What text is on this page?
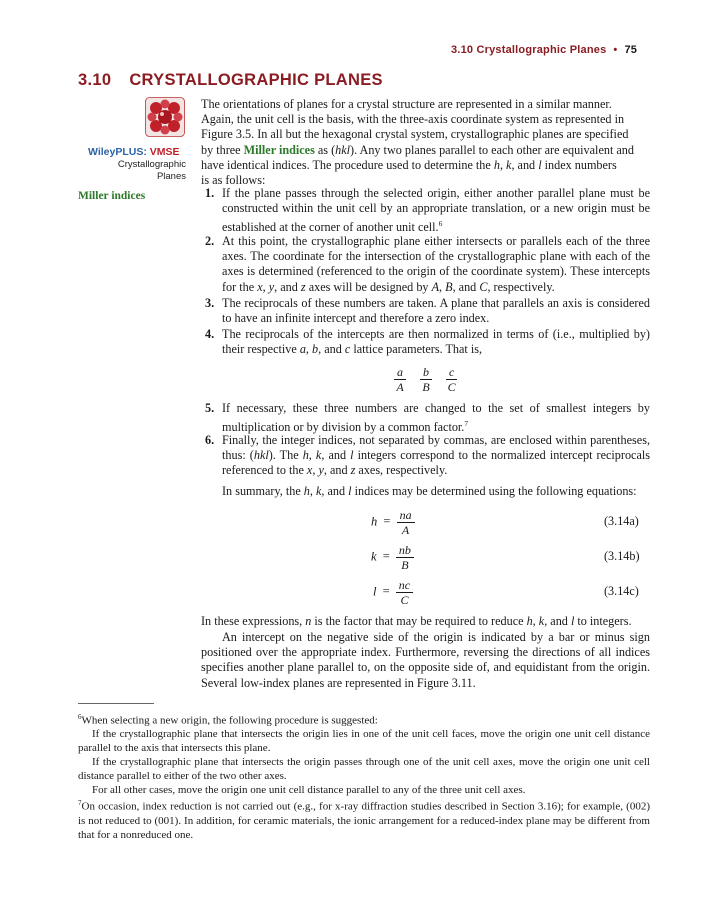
3.10 Crystallographic Planes • 75
3.10 CRYSTALLOGRAPHIC PLANES
WileyPLUS: VMSE
Crystallographic
Planes
Miller indices
The orientations of planes for a crystal structure are represented in a similar manner.
Again, the unit cell is the basis, with the three-axis coordinate system as represented in
Figure 3.5. In all but the hexagonal crystal system, crystallographic planes are specified
by three Miller indices as (hkl). Any two planes parallel to each other are equivalent and
have identical indices. The procedure used to determine the h, k, and l index numbers
is as follows:
1. If the plane passes through the selected origin, either another parallel plane must be constructed within the unit cell by an appropriate translation, or a new origin must be established at the corner of another unit cell.$^6$
2. At this point, the crystallographic plane either intersects or parallels each of the three axes. The coordinate for the intersection of the crystallographic plane with each of the axes is determined (referenced to the origin of the coordinate system). These intercepts for the x, y, and z axes will be designed by A, B, and C, respectively.
3. The reciprocals of these numbers are taken. A plane that parallels an axis is considered to have an infinite intercept and therefore a zero index.
4. The reciprocals of the intercepts are then normalized in terms of (i.e., multiplied by) their respective a, b, and c lattice parameters. That is,
$\frac{a}{A}$
$\frac{b}{B}$
$\frac{c}{C}$
5. If necessary, these three numbers are changed to the set of smallest integers by multiplication or by division by a common factor.$^7$
6. Finally, the integer indices, not separated by commas, are enclosed within parentheses, thus: (hkl). The h, k, and l integers correspond to the normalized intercept reciprocals referenced to the x, y, and z axes, respectively.
In summary, the h, k, and l indices may be determined using the following equations:
$h = \frac{na}{A}$	(3.14a)
$k = \frac{nb}{B}$	(3.14b)
$l = \frac{nc}{C}$	(3.14c)
In these expressions, n is the factor that may be required to reduce h, k, and l to integers.
An intercept on the negative side of the origin is indicated by a bar or minus sign positioned over the appropriate index. Furthermore, reversing the directions of all indices specifies another plane parallel to, on the opposite side of, and equidistant from the origin. Several low-index planes are represented in Figure 3.11.
$^6$When selecting a new origin, the following procedure is suggested:
If the crystallographic plane that intersects the origin lies in one of the unit cell faces, move the origin one unit cell distance parallel to the axis that intersects this plane.
If the crystallographic plane that intersects the origin passes through one of the unit cell axes, move the origin one unit cell distance parallel to either of the two other axes.
For all other cases, move the origin one unit cell distance parallel to any of the three unit cell axes.
$^7$On occasion, index reduction is not carried out (e.g., for x-ray diffraction studies described in Section 3.16); for example, (002) is not reduced to (001). In addition, for ceramic materials, the ionic arrangement for a reduced-index plane may be different from that for a nonreduced one.
